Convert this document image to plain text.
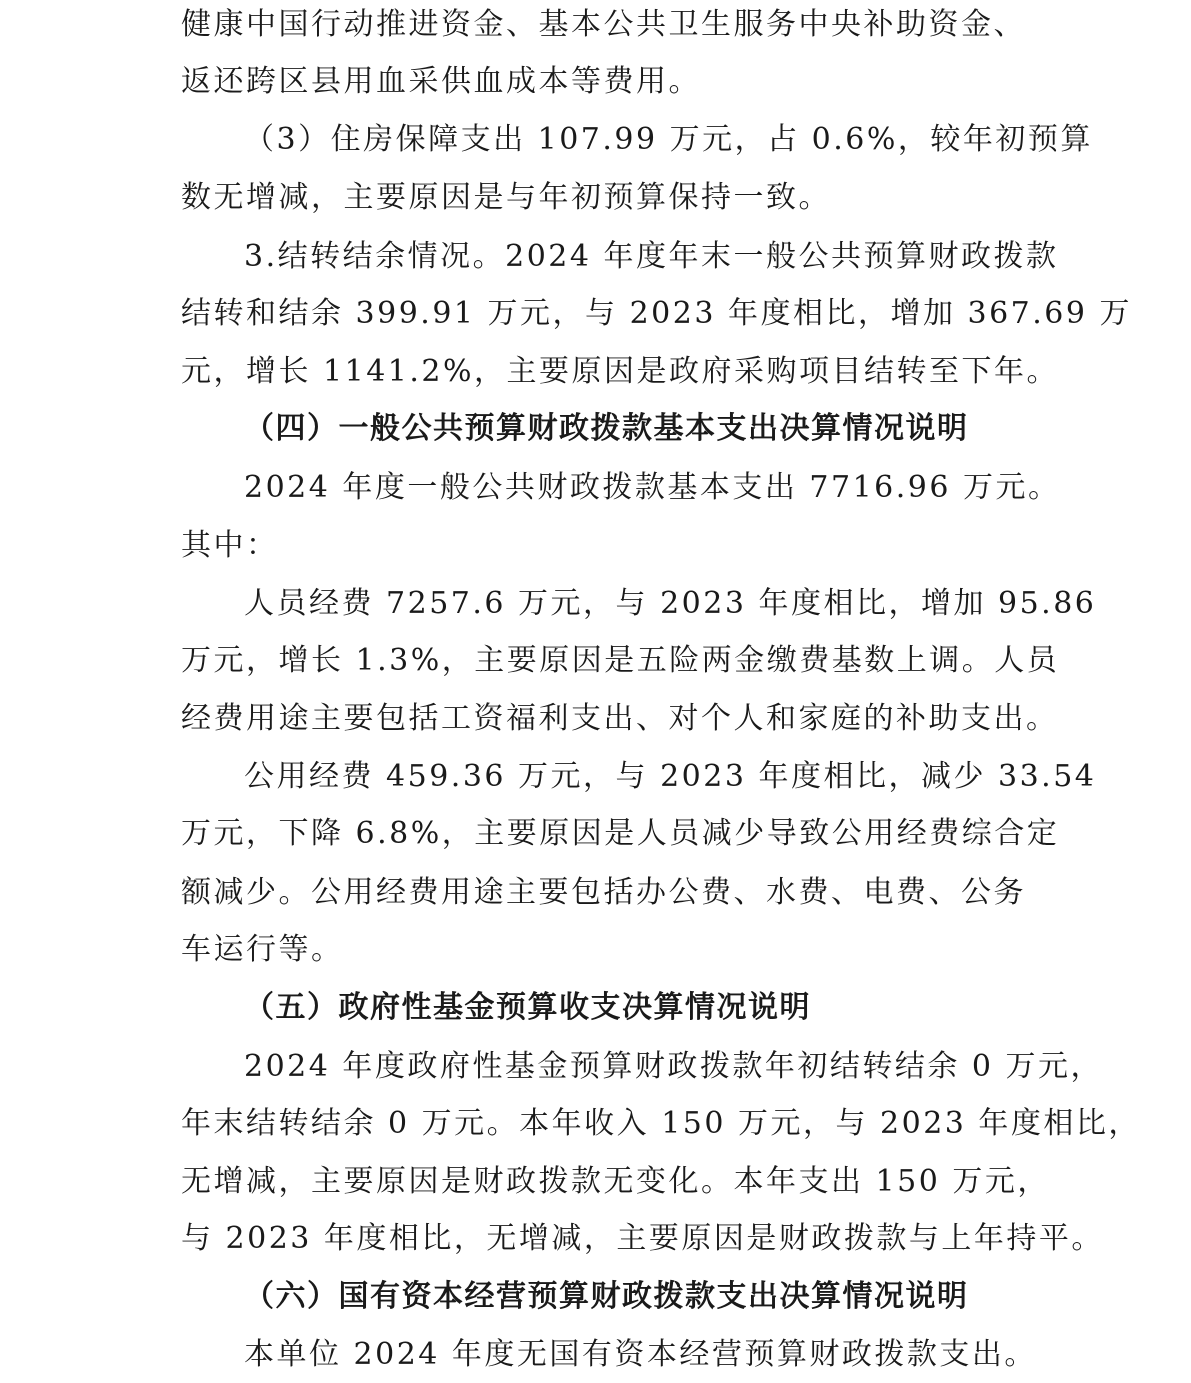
健康中国行动推进资金、基本公共卫生服务中央补助资金、
返还跨区县用血采供血成本等费用。
（3）住房保障支出 107.99 万元，占 0.6%，较年初预算
数无增减，主要原因是与年初预算保持一致。
3.结转结余情况。2024 年度年末一般公共预算财政拨款
结转和结余 399.91 万元，与 2023 年度相比，增加 367.69 万
元，增长 1141.2%，主要原因是政府采购项目结转至下年。
（四）一般公共预算财政拨款基本支出决算情况说明
2024 年度一般公共财政拨款基本支出 7716.96 万元。
其中：
人员经费 7257.6 万元，与 2023 年度相比，增加 95.86
万元，增长 1.3%，主要原因是五险两金缴费基数上调。人员
经费用途主要包括工资福利支出、对个人和家庭的补助支出。
公用经费 459.36 万元，与 2023 年度相比，减少 33.54
万元，下降 6.8%，主要原因是人员减少导致公用经费综合定
额减少。公用经费用途主要包括办公费、水费、电费、公务
车运行等。
（五）政府性基金预算收支决算情况说明
2024 年度政府性基金预算财政拨款年初结转结余 0 万元，
年末结转结余 0 万元。本年收入 150 万元，与 2023 年度相比，
无增减，主要原因是财政拨款无变化。本年支出 150 万元，
与 2023 年度相比，无增减，主要原因是财政拨款与上年持平。
（六）国有资本经营预算财政拨款支出决算情况说明
本单位 2024 年度无国有资本经营预算财政拨款支出。
